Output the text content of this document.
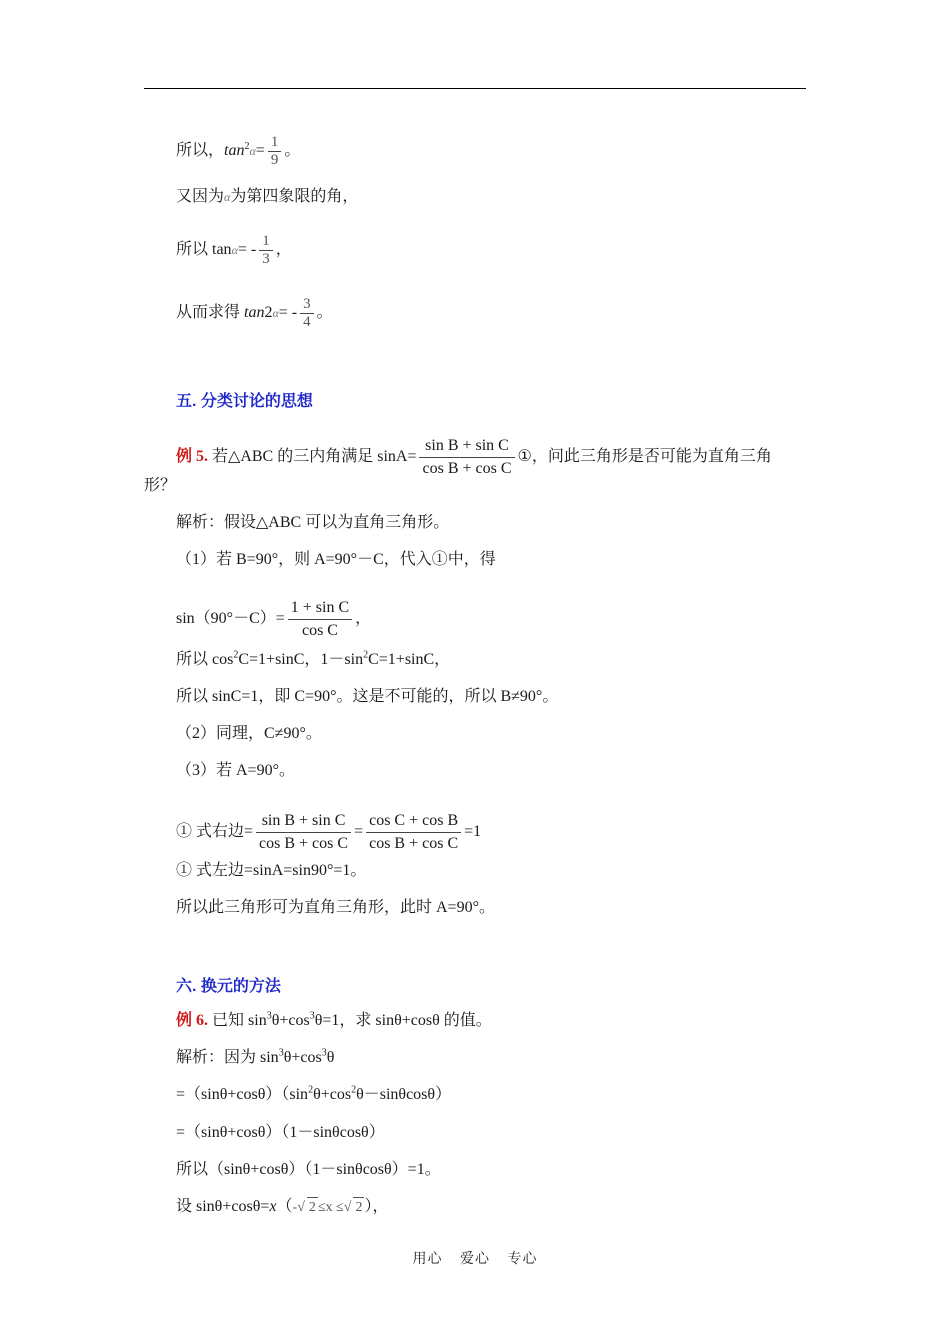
所以，$\tan^2\alpha= \frac{1}{9}$ 。
又因为α为第四象限的角，
所以 $\tan\alpha= - \frac{1}{3}$ ，
从而求得 $\tan 2\alpha= - \frac{3}{4}$ 。
五. 分类讨论的思想
例 5. 若△ABC 的三内角满足 $\sin A= \frac{\text{sin B + sin C}}{\text{cos B + cos C}}$ ①，问此三角形是否可能为直角三角
形？
解析：假设△ABC 可以为直角三角形。
（1）若 B=90°，则 A=90°－C，代入①中，得
$\sin(90^\circ-C)= \frac{\text{1 + sin C}}{\text{cos C}}$ ，
所以 $\cos^2C=1+\sin C$，$1-\sin^2C=1+\sin C$，
所以 sinC=1，即 C=90°。这是不可能的，所以 B≠90°。
（2）同理，C≠90°。
（3）若 A=90°。
① 式右边= $\frac{\text{sin B + sin C}}{\text{cos B + cos C}} = \frac{\text{cos C + cos B}}{\text{cos B + cos C}} =1$
① 式左边=sinA=sin90°=1。
所以此三角形可为直角三角形，此时 A=90°。
六. 换元的方法
例 6. 已知 $\sin^3\theta+\cos^3\theta=1$，求 sinθ+cosθ 的值。
解析：因为 $\sin^3\theta+\cos^3\theta$
$=(\sin\theta+\cos\theta)(\sin^2\theta+\cos^2\theta-\sin\theta\cos\theta)$
=（sinθ+cosθ）（1－sinθcosθ）
所以（sinθ+cosθ）（1－sinθcosθ）=1。
设 sinθ+cosθ=x（-√ 2 ≤x ≤√ 2 ），
用心 爱心 专心
